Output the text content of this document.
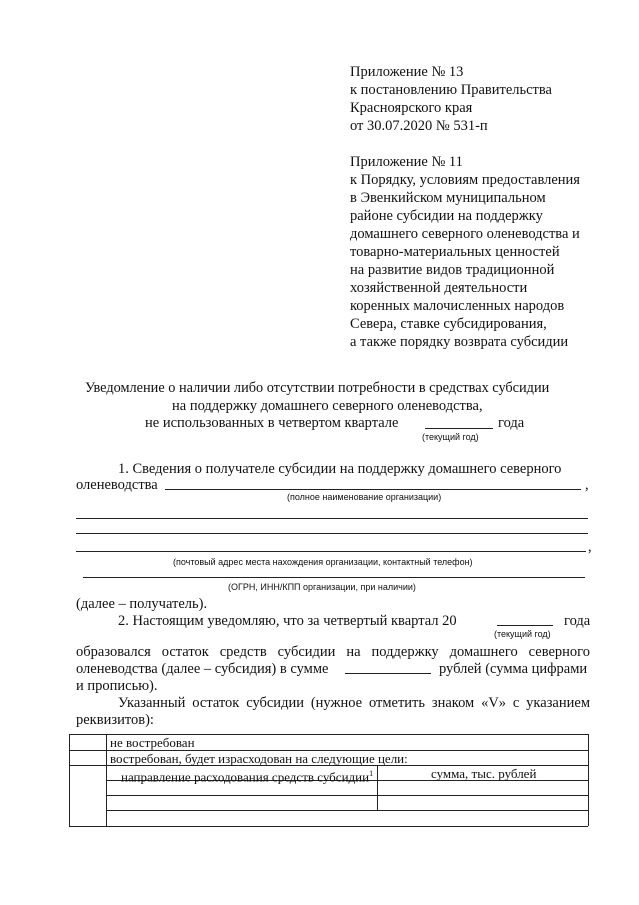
Приложение № 13
к постановлению Правительства
Красноярского края
от 30.07.2020 № 531-п
Приложение № 11
к Порядку, условиям предоставления
в Эвенкийском муниципальном
районе субсидии на поддержку
домашнего северного оленеводства и
товарно-материальных ценностей
на развитие видов традиционной
хозяйственной деятельности
коренных малочисленных народов
Севера, ставке субсидирования,
а также порядку возврата субсидии
Уведомление о наличии либо отсутствии потребности в средствах субсидии
на поддержку домашнего северного оленеводства,
не использованных в четвертом квартале	года
(текущий год)
1. Сведения о получателе субсидии на поддержку домашнего северного
оленеводства	,
(полное наименование организации)
,
(почтовый адрес места нахождения организации, контактный телефон)
(ОГРН, ИНН/КПП организации, при наличии)
(далее – получатель).
2. Настоящим уведомляю, что за четвертый квартал 20	года
(текущий год)
образовался остаток средств субсидии на поддержку домашнего северного
оленеводства (далее – субсидия) в сумме	рублей (сумма цифрами
и прописью).
Указанный остаток субсидии (нужное отметить знаком «V» с указанием
реквизитов):
не востребован
востребован, будет израсходован на следующие цели:
направление расходования средств субсидии$^1$	сумма, тыс. рублей
